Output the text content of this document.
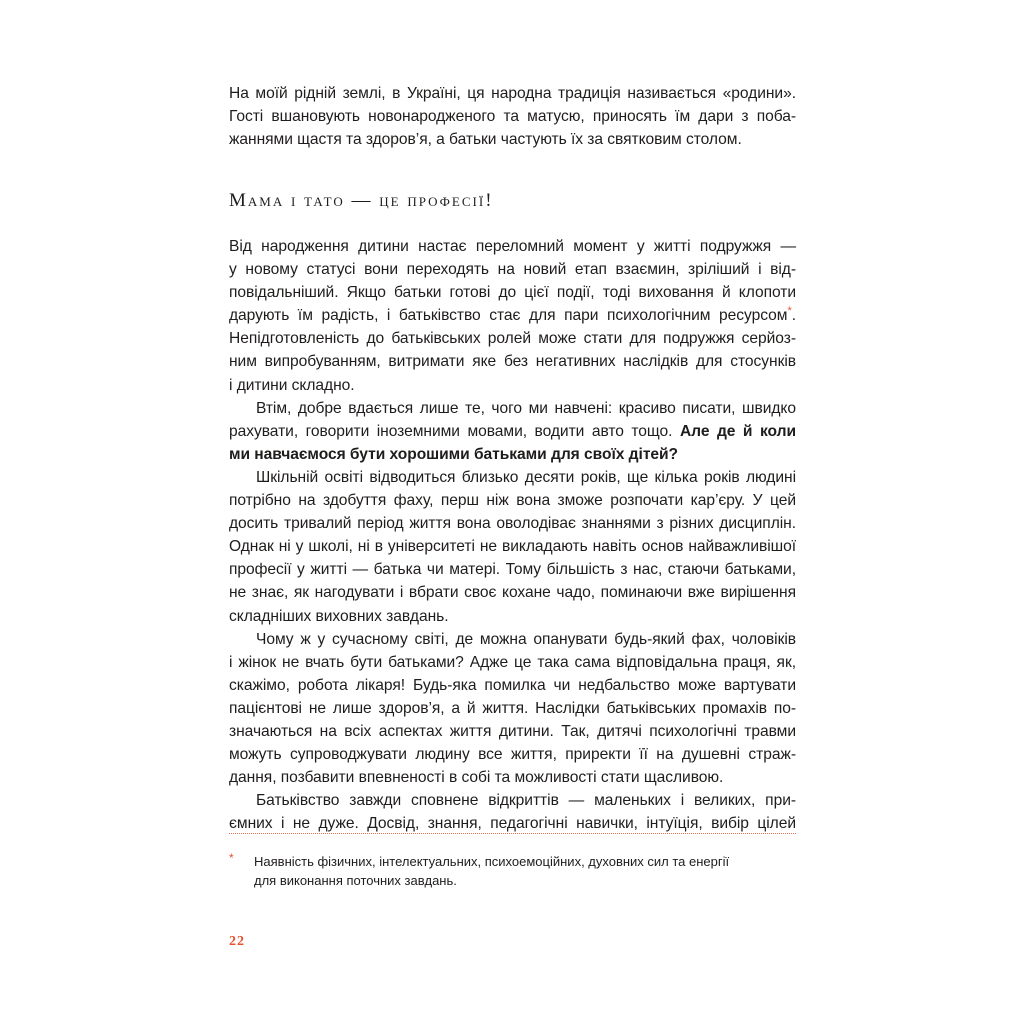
На моїй рідній землі, в Україні, ця народна традиція називається «родини».
Гості вшановують новонародженого та матусю, приносять їм дари з поба-
жаннями щастя та здоров’я, а батьки частують їх за святковим столом.
Мама і тато — це професії!
Від народження дитини настає переломний момент у житті подружжя —
у новому статусі вони переходять на новий етап взаємин, зріліший і від-
повідальніший. Якщо батьки готові до цієї події, тоді виховання й клопоти
дарують їм радість, і батьківство стає для пари психологічним ресурсом*.
Непідготовленість до батьківських ролей може стати для подружжя серйоз-
ним випробуванням, витримати яке без негативних наслідків для стосунків
і дитини складно.
Втім, добре вдається лише те, чого ми навчені: красиво писати, швидко
рахувати, говорити іноземними мовами, водити авто тощо. Але де й коли
ми навчаємося бути хорошими батьками для своїх дітей?
Шкільній освіті відводиться близько десяти років, ще кілька років людині
потрібно на здобуття фаху, перш ніж вона зможе розпочати кар’єру. У цей
досить тривалий період життя вона оволодіває знаннями з різних дисциплін.
Однак ні у школі, ні в університеті не викладають навіть основ найважливішої
професії у житті — батька чи матері. Тому більшість з нас, стаючи батьками,
не знає, як нагодувати і вбрати своє кохане чадо, поминаючи вже вирішення
складніших виховних завдань.
Чому ж у сучасному світі, де можна опанувати будь-який фах, чоловіків
і жінок не вчать бути батьками? Адже це така сама відповідальна праця, як,
скажімо, робота лікаря! Будь-яка помилка чи недбальство може вартувати
пацієнтові не лише здоров’я, а й життя. Наслідки батьківських промахів по-
значаються на всіх аспектах життя дитини. Так, дитячі психологічні травми
можуть супроводжувати людину все життя, приректи її на душевні страж-
дання, позбавити впевненості в собі та можливості стати щасливою.
Батьківство завжди сповнене відкриттів — маленьких і великих, при-
ємних і не дуже. Досвід, знання, педагогічні навички, інтуїція, вибір цілей
* Наявність фізичних, інтелектуальних, психоемоційних, духовних сил та енергії
для виконання поточних завдань.
22
